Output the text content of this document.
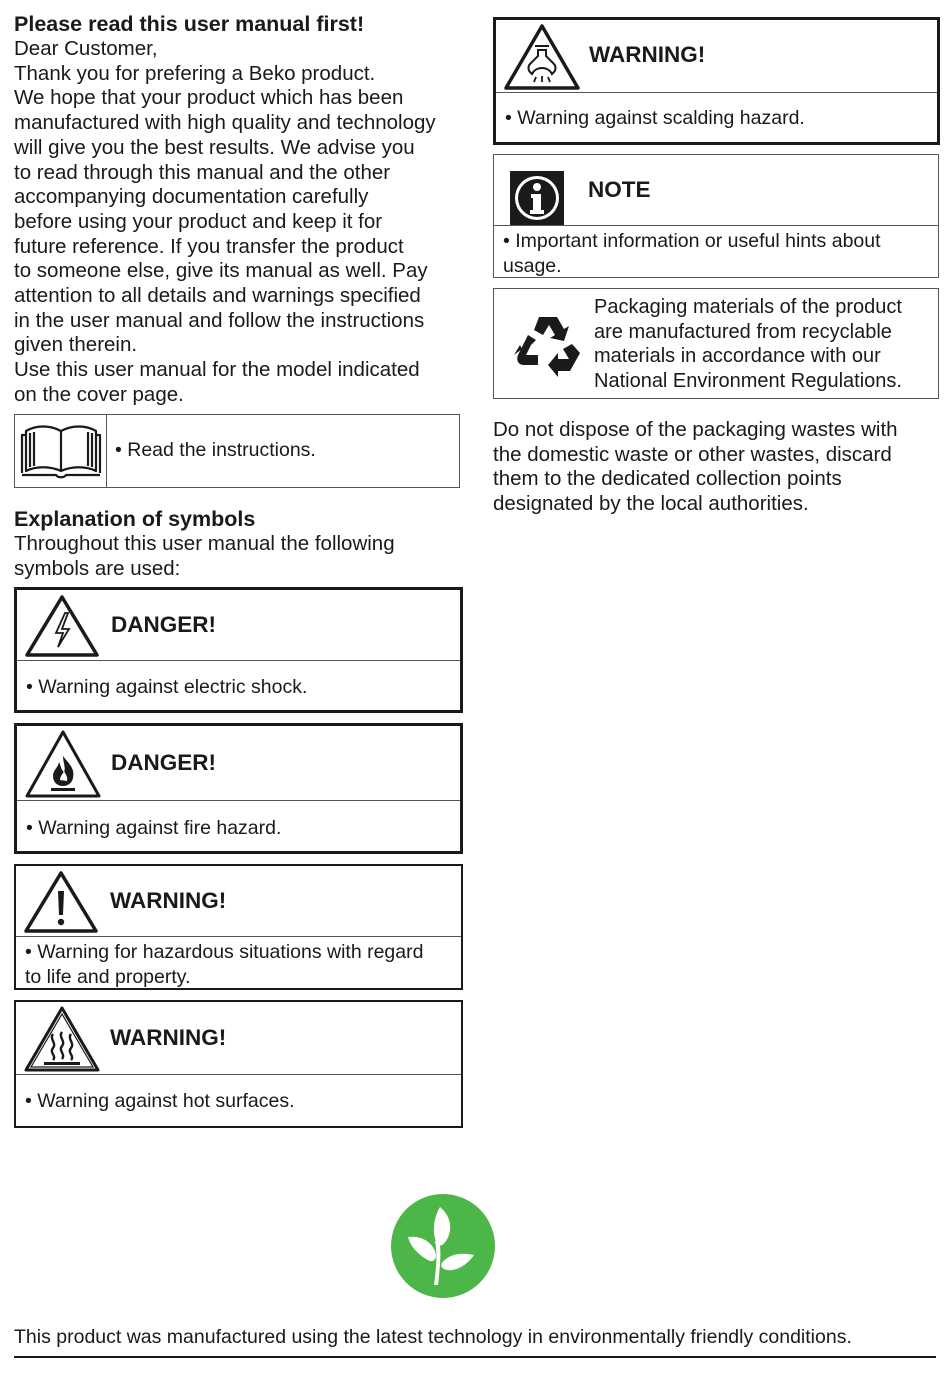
Please read this user manual first!

Dear Customer,

Thank you for prefering a Beko product.

We hope that your product which has been

manufactured with high quality and technology

will give you the best results. We advise you

to read through this manual and the other

accompanying documentation carefully

before using your product and keep it for

future reference. If you transfer the product

to someone else, give its manual as well. Pay

attention to all details and warnings specified

in the user manual and follow the instructions

given therein.

Use this user manual for the model indicated

on the cover page.

• Read the instructions.
Explanation of symbols

Throughout this user manual the following

symbols are used:

DANGER!
• Warning against electric shock.
DANGER!
• Warning against fire hazard.
WARNING!
• Warning for hazardous situations with regard
to life and property.
WARNING!
• Warning against hot surfaces.
WARNING!
• Warning against scalding hazard.
NOTE
• Important information or useful hints about
usage.
Packaging materials of the product
are manufactured from recyclable
materials in accordance with our
National Environment Regulations.

Do not dispose of the packaging wastes with

the domestic waste or other wastes, discard

them to the dedicated collection points

designated by the local authorities.

This product was manufactured using the latest technology in environmentally friendly conditions.
